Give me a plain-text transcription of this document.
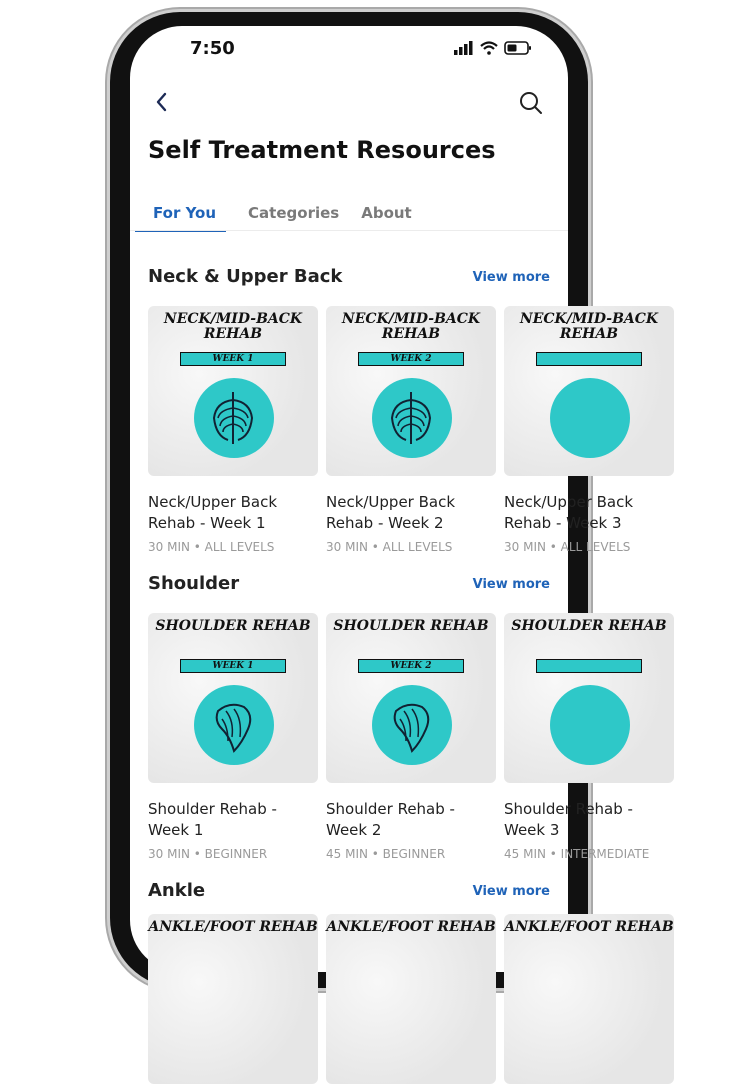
7:50
Self Treatment Resources
For You	Categories About
Neck & Upper Back	View more
NECK/MID-BACK REHAB
WEEK 1
Neck/Upper Back Rehab - Week 1
30 MIN • ALL LEVELS
NECK/MID-BACK REHAB
WEEK 2
Neck/Upper Back Rehab - Week 2
30 MIN • ALL LEVELS
NECK/MID-BACK REHAB
Neck/Upper Back Rehab - Week 3
30 MIN • ALL LEVELS
Shoulder	View more
SHOULDER REHAB
WEEK 1
Shoulder Rehab - Week 1
30 MIN • BEGINNER
SHOULDER REHAB
WEEK 2
Shoulder Rehab - Week 2
45 MIN • BEGINNER
SHOULDER REHAB
Shoulder Rehab - Week 3
45 MIN • INTERMEDIATE
Ankle	View more
ANKLE/FOOT REHAB ANKLE/FOOT REHAB ANKLE/FOOT REHAB
